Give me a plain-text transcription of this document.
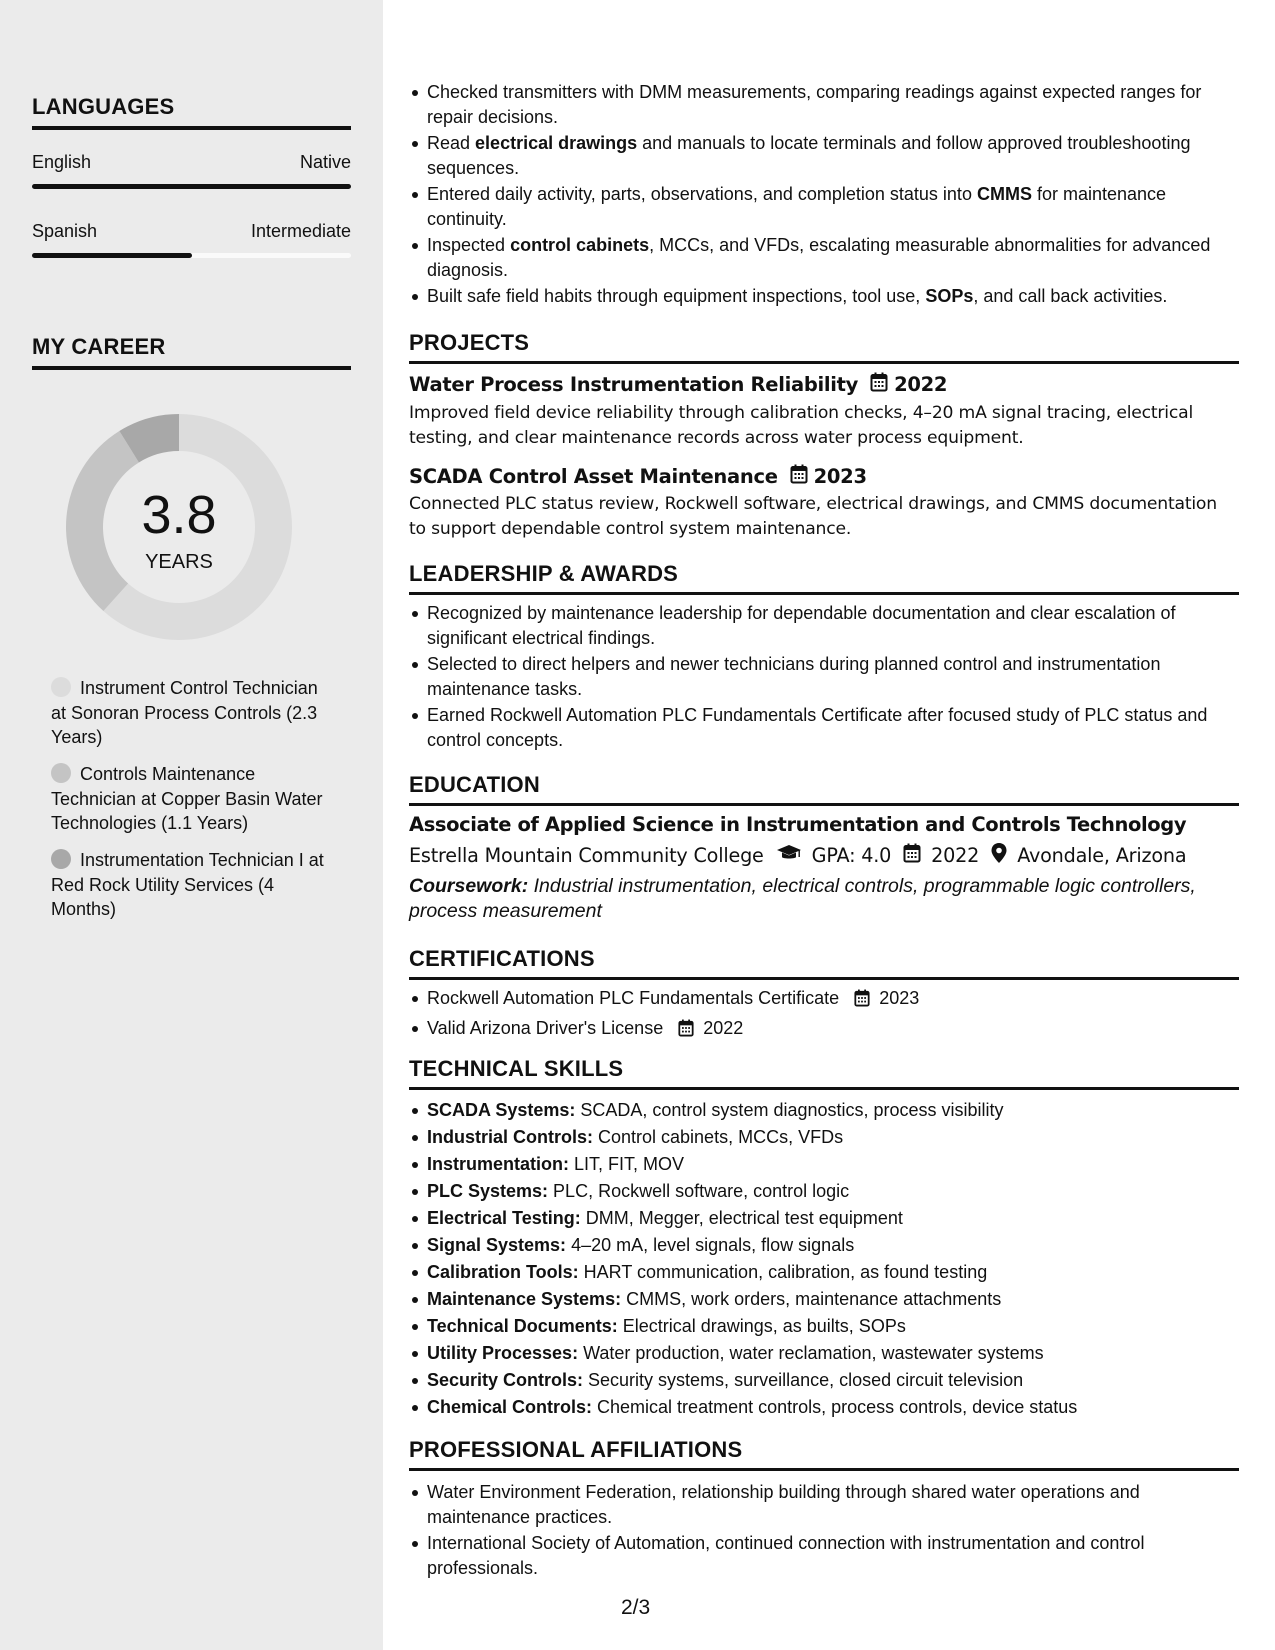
LANGUAGES
English	Native
Spanish	Intermediate
MY CAREER
3.8
YEARS
Instrument Control Technician at Sonoran Process Controls (2.3 Years)
Controls Maintenance Technician at Copper Basin Water Technologies (1.1 Years)
Instrumentation Technician I at Red Rock Utility Services (4 Months)
Checked transmitters with DMM measurements, comparing readings against expected ranges for repair decisions.
Read electrical drawings and manuals to locate terminals and follow approved troubleshooting sequences.
Entered daily activity, parts, observations, and completion status into CMMS for maintenance continuity.
Inspected control cabinets, MCCs, and VFDs, escalating measurable abnormalities for advanced diagnosis.
Built safe field habits through equipment inspections, tool use, SOPs, and call back activities.
PROJECTS
Water Process Instrumentation Reliability 2022
Improved field device reliability through calibration checks, 4–20 mA signal tracing, electrical testing, and clear maintenance records across water process equipment.
SCADA Control Asset Maintenance 2023
Connected PLC status review, Rockwell software, electrical drawings, and CMMS documentation to support dependable control system maintenance.
LEADERSHIP & AWARDS
Recognized by maintenance leadership for dependable documentation and clear escalation of significant electrical findings.
Selected to direct helpers and newer technicians during planned control and instrumentation maintenance tasks.
Earned Rockwell Automation PLC Fundamentals Certificate after focused study of PLC status and control concepts.
EDUCATION
Associate of Applied Science in Instrumentation and Controls Technology
Estrella Mountain Community College	GPA: 4.0 2022 Avondale, Arizona
Coursework: Industrial instrumentation, electrical controls, programmable logic controllers, process measurement
CERTIFICATIONS
Rockwell Automation PLC Fundamentals Certificate 2023
Valid Arizona Driver's License 2022
TECHNICAL SKILLS
SCADA Systems: SCADA, control system diagnostics, process visibility
Industrial Controls: Control cabinets, MCCs, VFDs
Instrumentation: LIT, FIT, MOV
PLC Systems: PLC, Rockwell software, control logic
Electrical Testing: DMM, Megger, electrical test equipment
Signal Systems: 4–20 mA, level signals, flow signals
Calibration Tools: HART communication, calibration, as found testing
Maintenance Systems: CMMS, work orders, maintenance attachments
Technical Documents: Electrical drawings, as builts, SOPs
Utility Processes: Water production, water reclamation, wastewater systems
Security Controls: Security systems, surveillance, closed circuit television
Chemical Controls: Chemical treatment controls, process controls, device status
PROFESSIONAL AFFILIATIONS
Water Environment Federation, relationship building through shared water operations and maintenance practices.
International Society of Automation, continued connection with instrumentation and control professionals.
2/3
